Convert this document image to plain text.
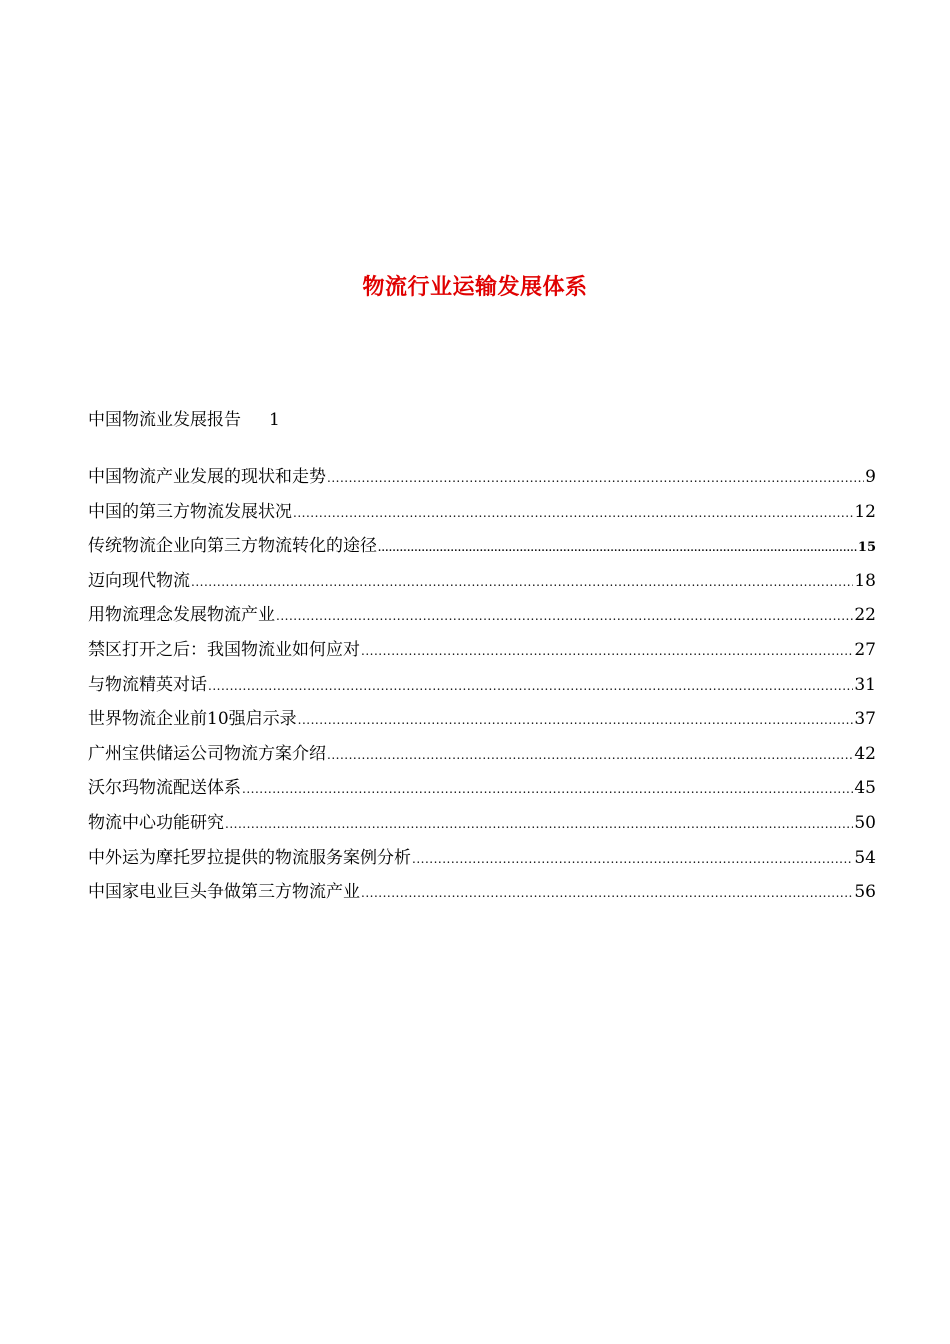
物流行业运输发展体系
中国物流业发展报告 1
中国物流产业发展的现状和走势 .....	9
中国的第三方物流发展状况 .....	12
传统物流企业向第三方物流转化的途径 .....	15
迈向现代物流 .....	18
用物流理念发展物流产业 .....	22
禁区打开之后：我国物流业如何应对 .....	27
与物流精英对话 .....	31
世界物流企业前10强启示录 .....	37
广州宝供储运公司物流方案介绍 .....	42
沃尔玛物流配送体系 .....	45
物流中心功能研究 .....	50
中外运为摩托罗拉提供的物流服务案例分析 .....	54
中国家电业巨头争做第三方物流产业 .....	56
